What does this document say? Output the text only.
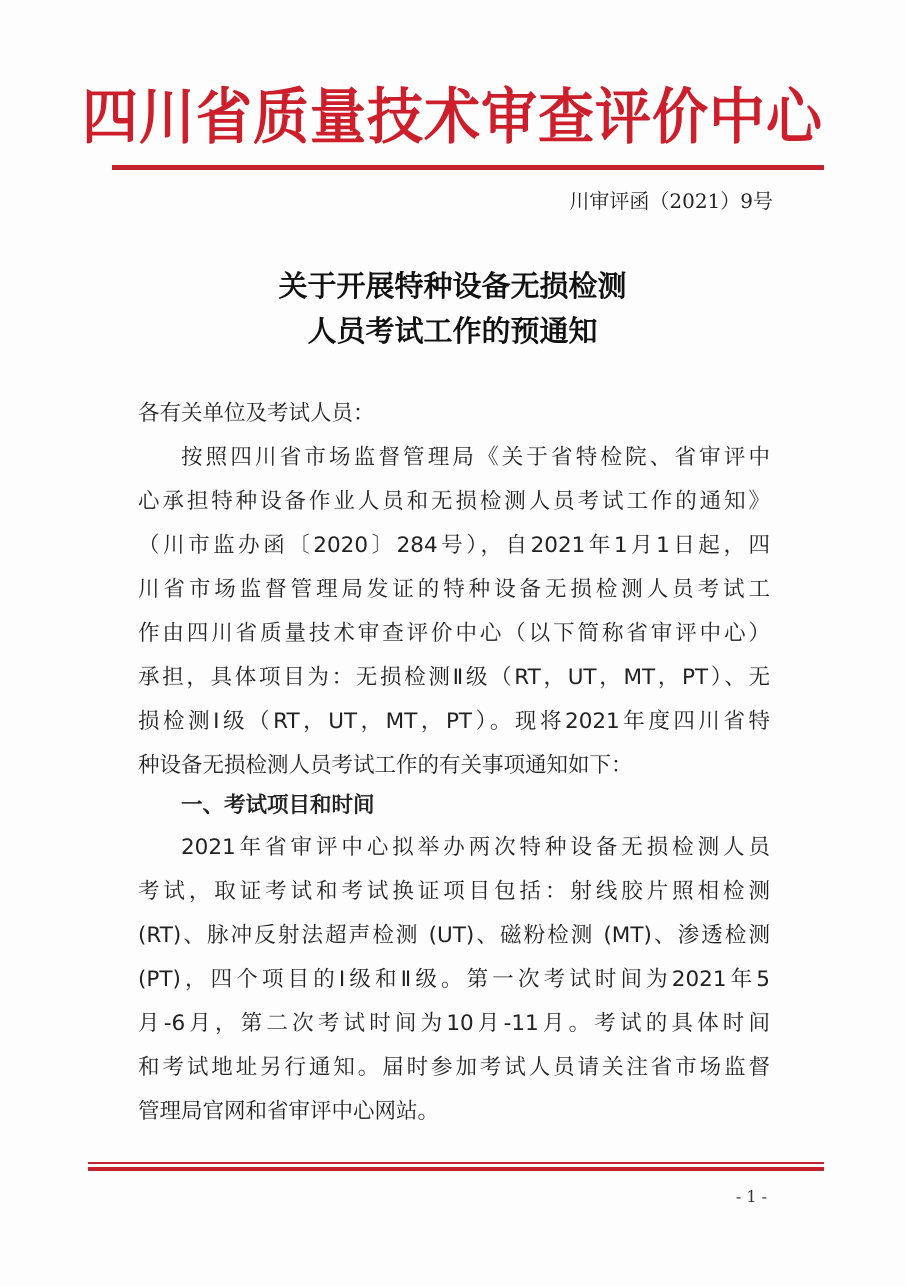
四川省质量技术审查评价中心
川审评函（2021）9号
关于开展特种设备无损检测
人员考试工作的预通知
各有关单位及考试人员：
按照四川省市场监督管理局《关于省特检院、省审评中
心承担特种设备作业人员和无损检测人员考试工作的通知》
（川市监办函〔2020〕284号），自2021年1月1日起，四
川省市场监督管理局发证的特种设备无损检测人员考试工
作由四川省质量技术审查评价中心（以下简称省审评中心）
承担，具体项目为：无损检测Ⅱ级（RT，UT，MT，PT）、无
损检测Ⅰ级（RT，UT，MT，PT）。现将2021年度四川省特
种设备无损检测人员考试工作的有关事项通知如下：
一、考试项目和时间
2021年省审评中心拟举办两次特种设备无损检测人员
考试，取证考试和考试换证项目包括：射线胶片照相检测
(RT)、脉冲反射法超声检测 (UT)、磁粉检测 (MT)、渗透检测
(PT)，四个项目的Ⅰ级和Ⅱ级。第一次考试时间为2021年5
月-6月，第二次考试时间为10月-11月。考试的具体时间
和考试地址另行通知。届时参加考试人员请关注省市场监督
管理局官网和省审评中心网站。
- 1 -
